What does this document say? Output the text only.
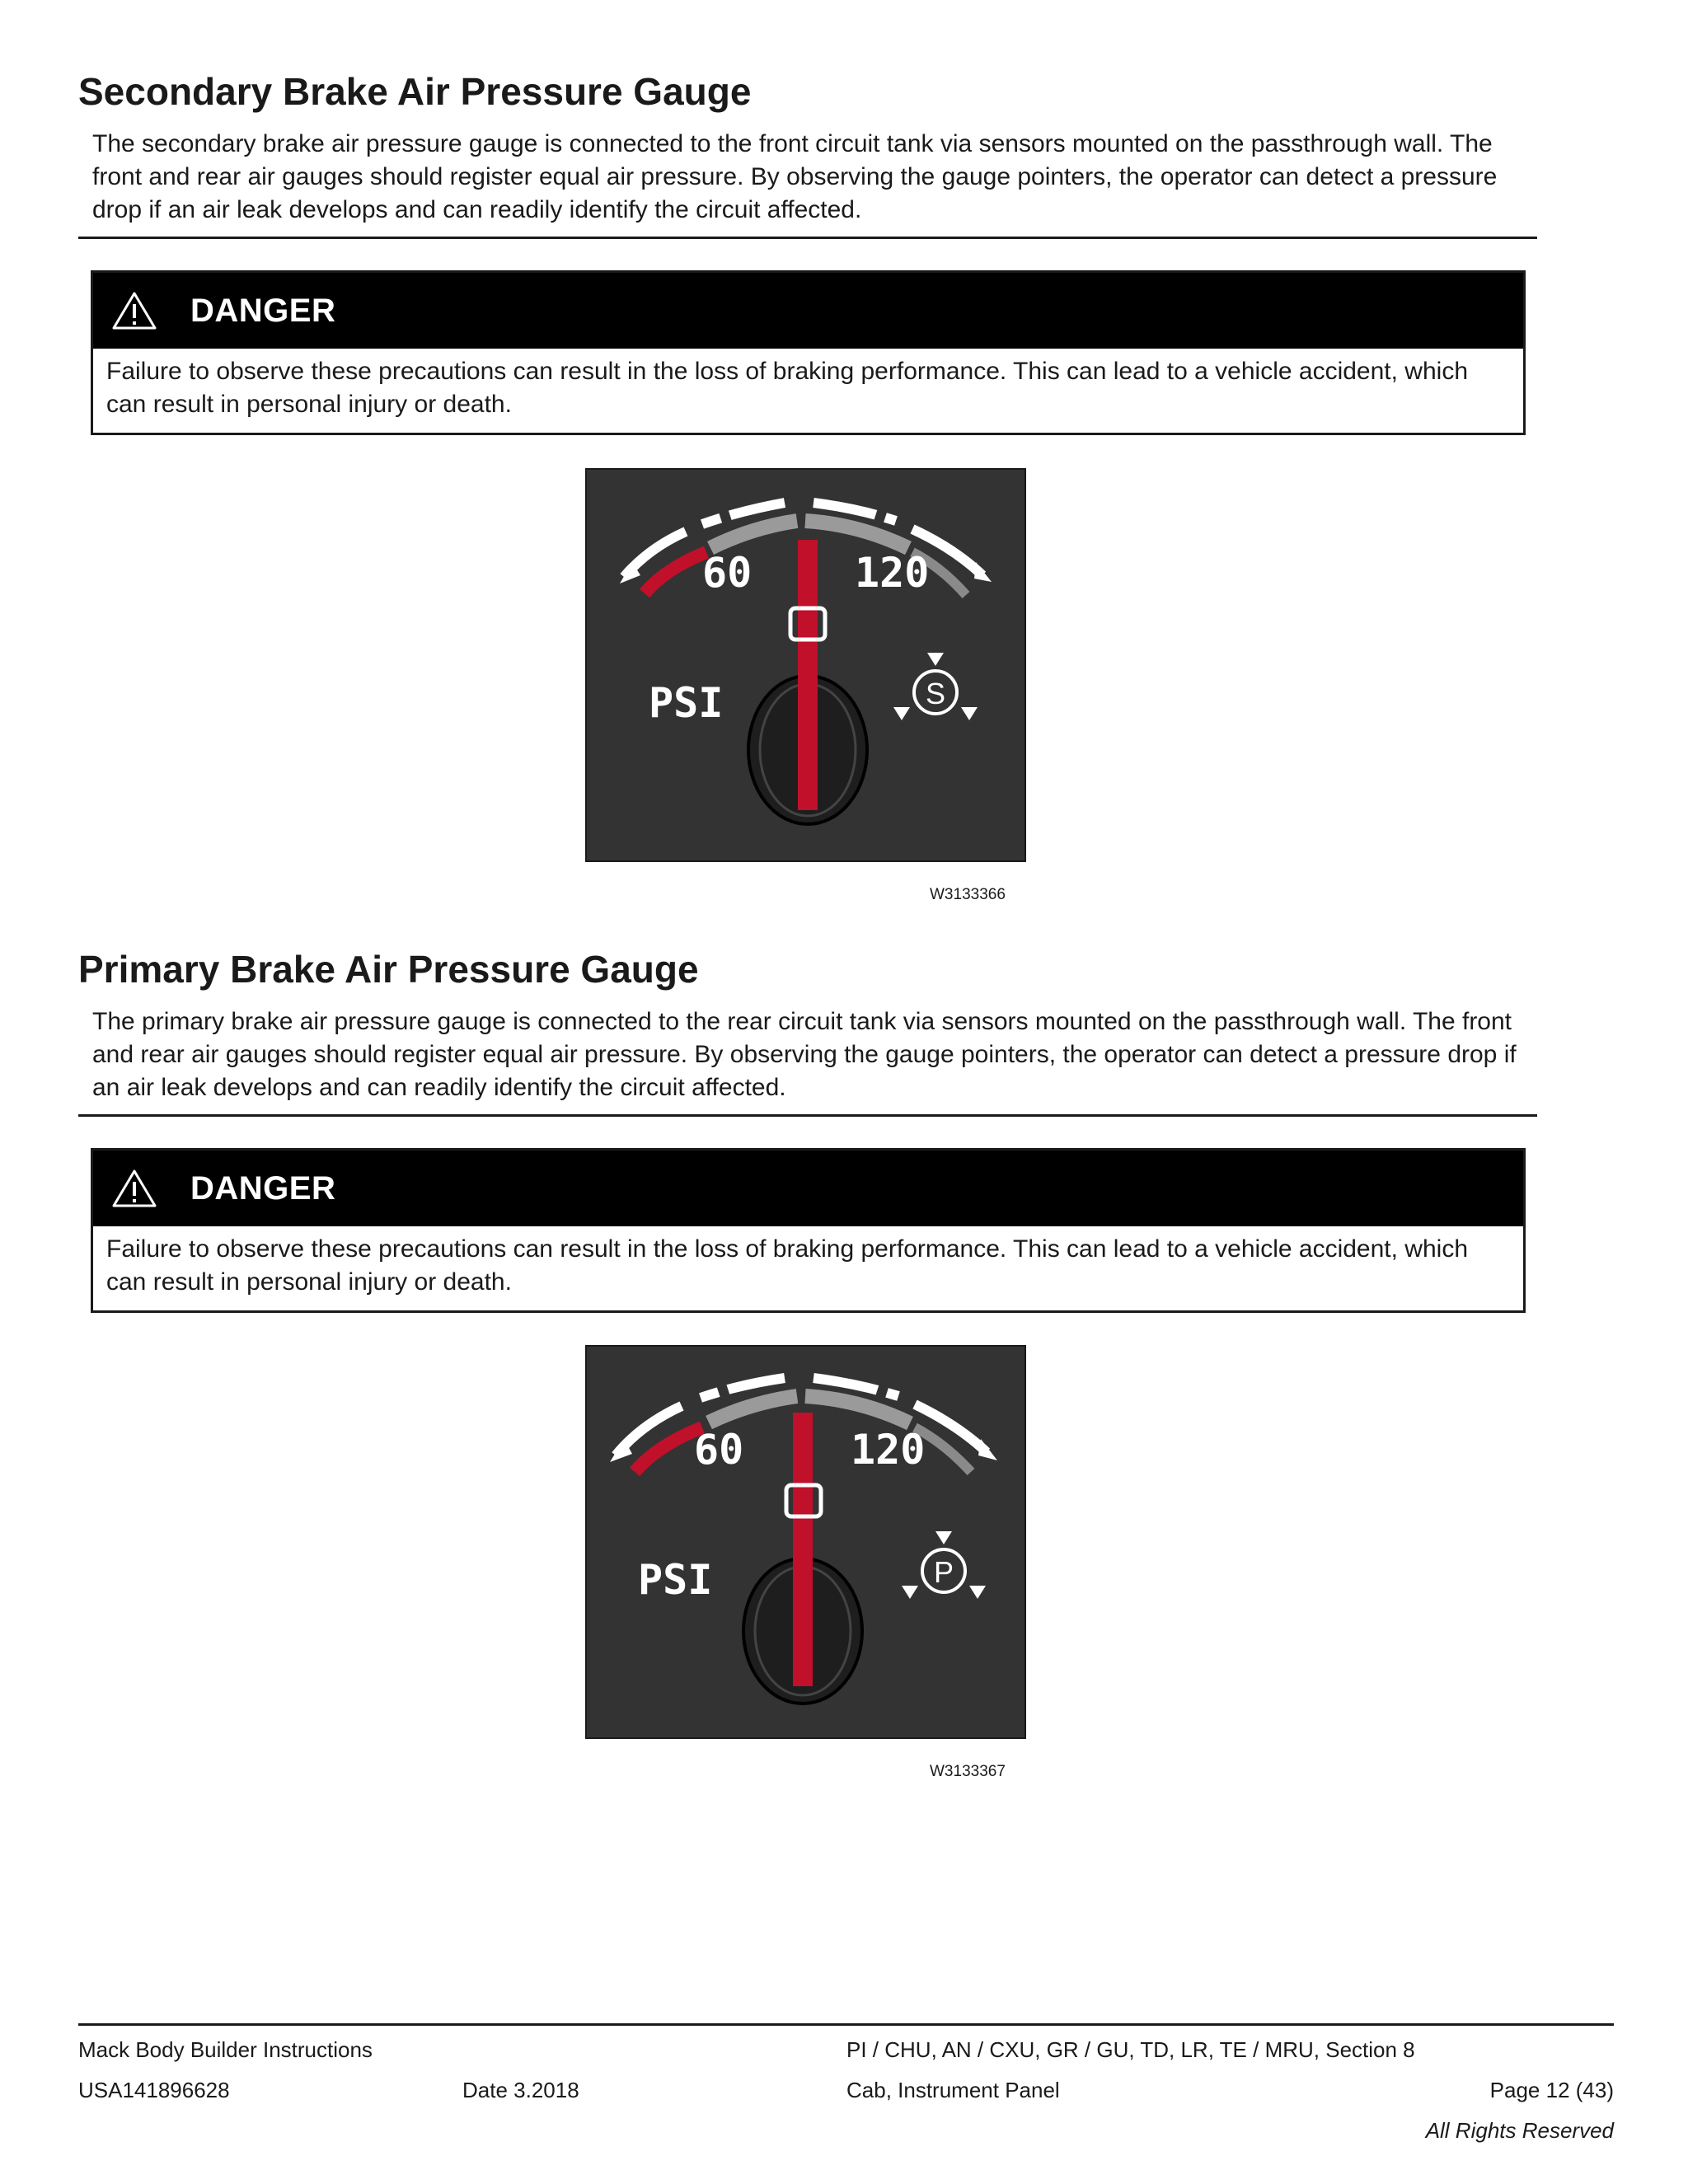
Secondary Brake Air Pressure Gauge

The secondary brake air pressure gauge is connected to the front circuit tank via sensors mounted on the passthrough wall. The front and rear air gauges should register equal air pressure. By observing the gauge pointers, the operator can detect a pressure drop if an air leak develops and can readily identify the circuit affected.

DANGER
Failure to observe these precautions can result in the loss of braking performance. This can lead to a vehicle accident, which can result in personal injury or death.
60 120
PSI	S
W3133366
Primary Brake Air Pressure Gauge

The primary brake air pressure gauge is connected to the rear circuit tank via sensors mounted on the passthrough wall. The front and rear air gauges should register equal air pressure. By observing the gauge pointers, the operator can detect a pressure drop if an air leak develops and can readily identify the circuit affected.

DANGER
Failure to observe these precautions can result in the loss of braking performance. This can lead to a vehicle accident, which can result in personal injury or death.
60	120
PSI	P
W3133367
Mack Body Builder Instructions	PI / CHU, AN / CXU, GR / GU, TD, LR, TE / MRU, Section 8
USA141896628	Date 3.2018	Cab, Instrument Panel	Page 12 (43)
All Rights Reserved
